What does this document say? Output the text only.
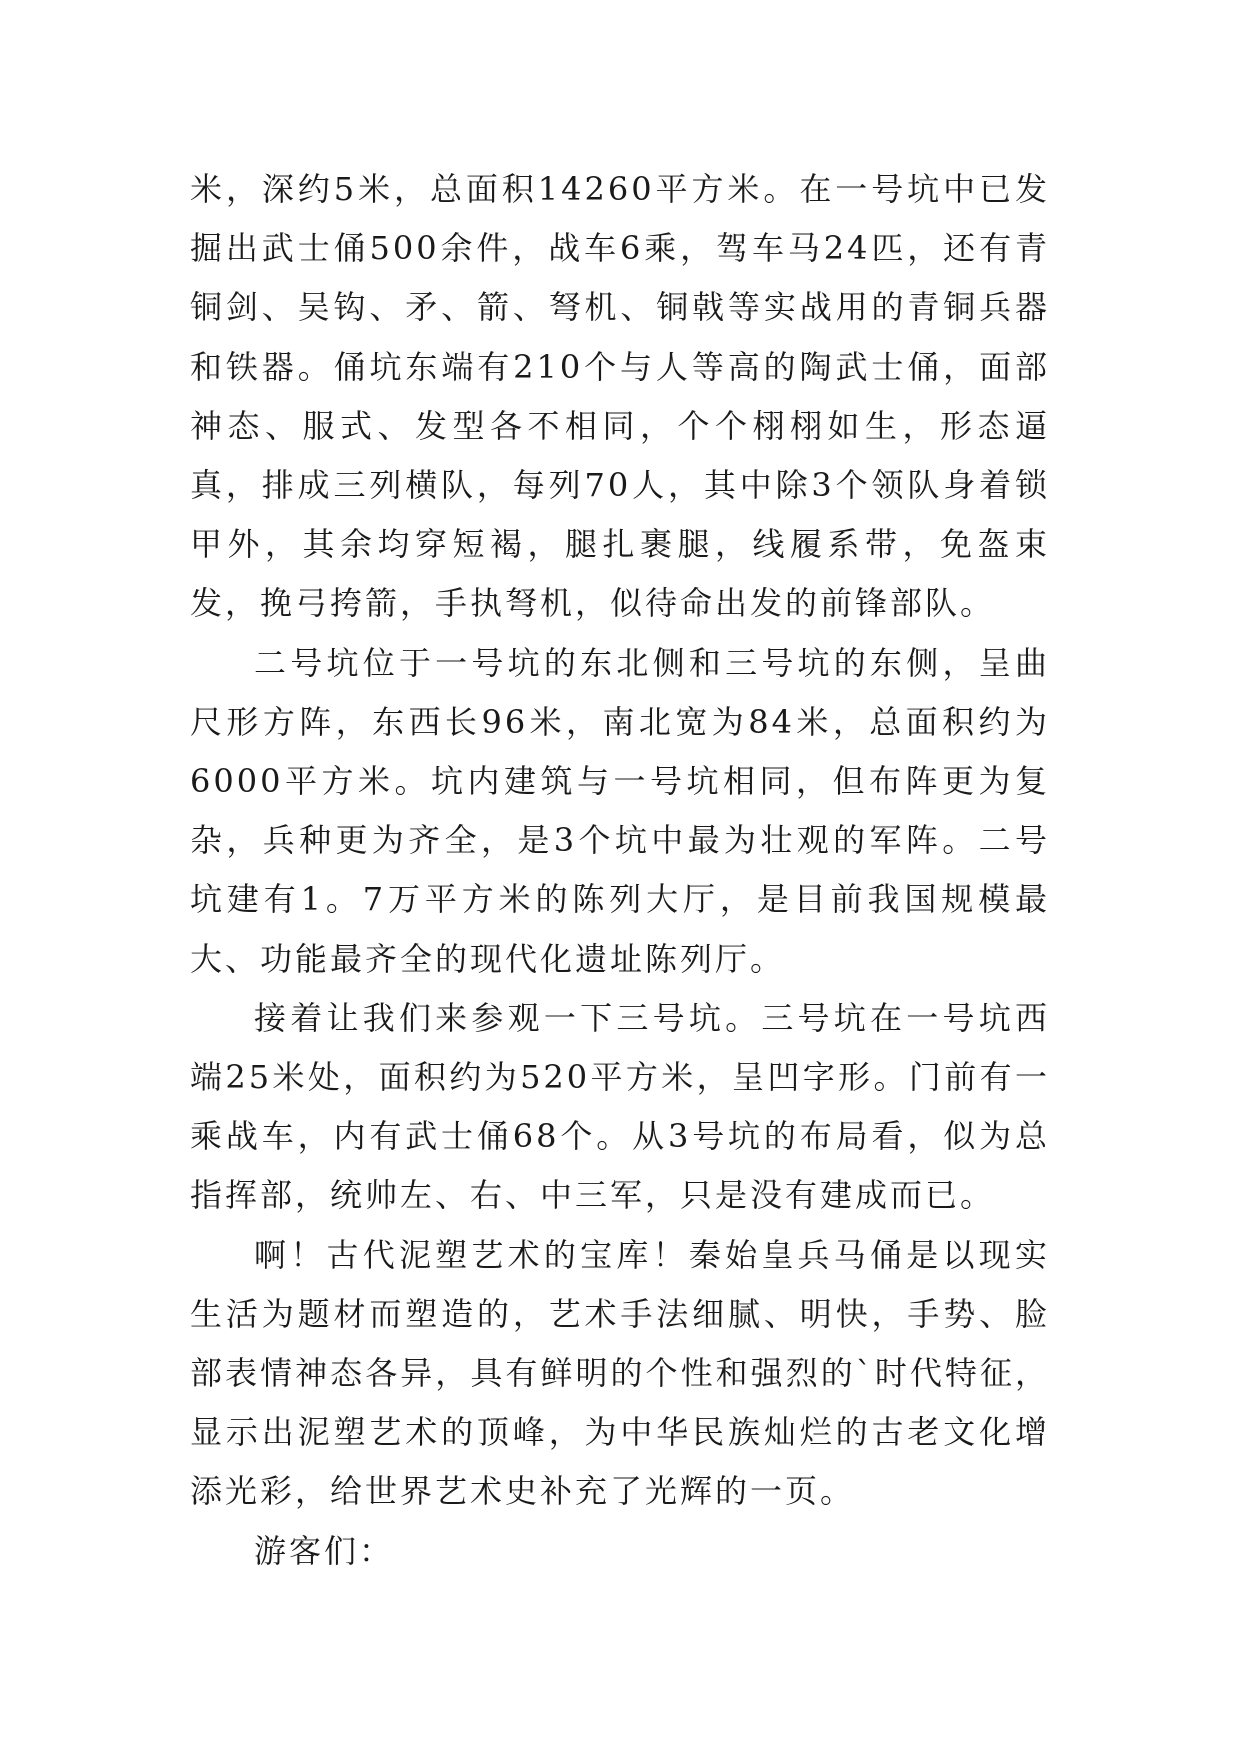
米，深约5米，总面积14260平方米。在一号坑中已发掘出武士俑500余件，战车6乘，驾车马24匹，还有青铜剑、吴钩、矛、箭、弩机、铜戟等实战用的青铜兵器和铁器。俑坑东端有210个与人等高的陶武士俑，面部神态、服式、发型各不相同，个个栩栩如生，形态逼真，排成三列横队，每列70人，其中除3个领队身着锁甲外，其余均穿短褐，腿扎裹腿，线履系带，免盔束发，挽弓挎箭，手执弩机，似待命出发的前锋部队。

二号坑位于一号坑的东北侧和三号坑的东侧，呈曲尺形方阵，东西长96米，南北宽为84米，总面积约为6000平方米。坑内建筑与一号坑相同，但布阵更为复杂，兵种更为齐全，是3个坑中最为壮观的军阵。二号坑建有1。7万平方米的陈列大厅，是目前我国规模最大、功能最齐全的现代化遗址陈列厅。

接着让我们来参观一下三号坑。三号坑在一号坑西端25米处，面积约为520平方米，呈凹字形。门前有一乘战车，内有武士俑68个。从3号坑的布局看，似为总指挥部，统帅左、右、中三军，只是没有建成而已。

啊！古代泥塑艺术的宝库！秦始皇兵马俑是以现实生活为题材而塑造的，艺术手法细腻、明快，手势、脸部表情神态各异，具有鲜明的个性和强烈的`时代特征，显示出泥塑艺术的顶峰，为中华民族灿烂的古老文化增添光彩，给世界艺术史补充了光辉的一页。

游客们：
